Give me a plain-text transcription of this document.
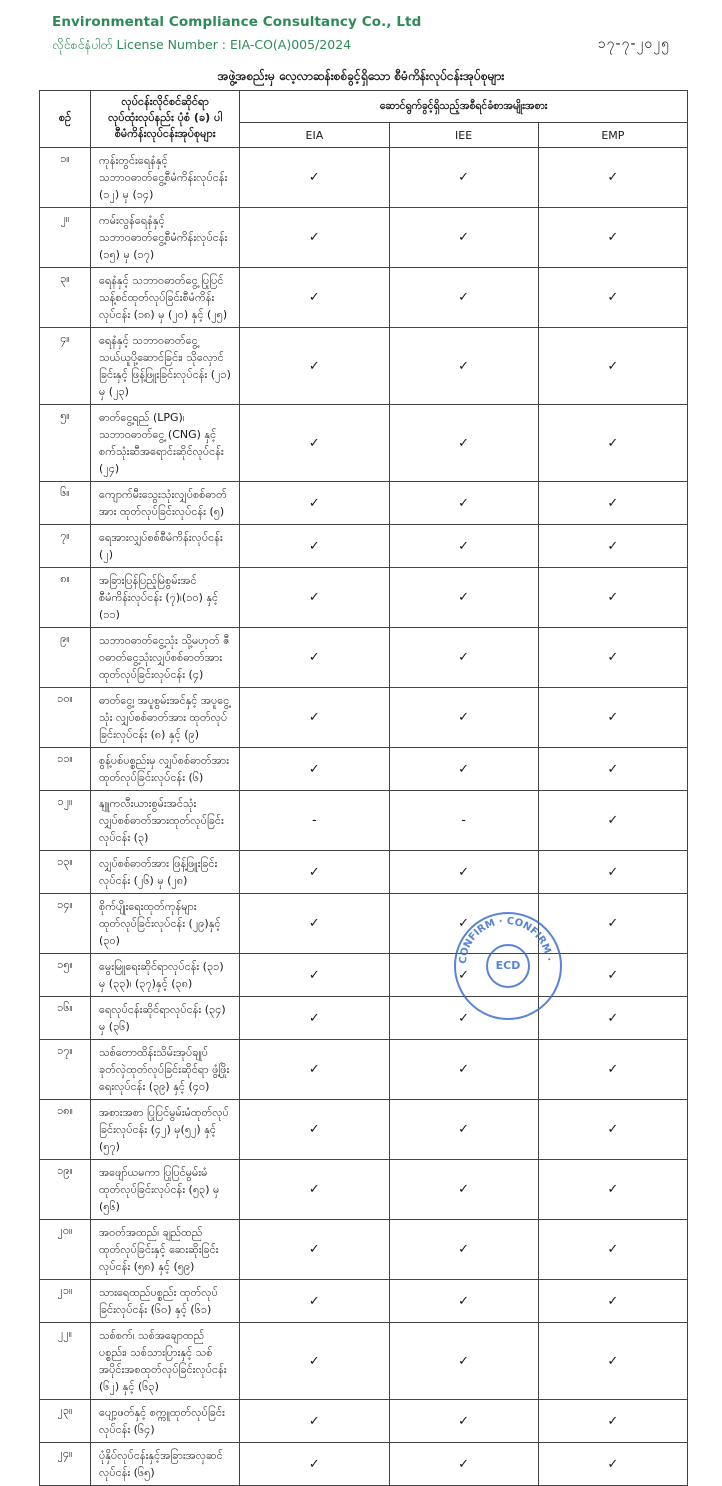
Environmental Compliance Consultancy Co., Ltd
လိုင်စင်နံပါတ် License Number : EIA-CO(A)005/2024	၁၇-၇-၂၀၂၅
အဖွဲ့အစည်းမှ လေ့လာဆန်းစစ်ခွင့်ရှိသော စီမံကိန်းလုပ်ငန်းအုပ်စုများ
စဉ်	လုပ်ငန်းလိုင်စင်ဆိုင်ရာလုပ်ထုံးလုပ်နည်း ပုံစံ (ခ) ပါ စီမံကိန်းလုပ်ငန်းအုပ်စုများ	ဆောင်ရွက်ခွင့်ရှိသည့်အစီရင်ခံစာအမျိုးအစား		
		EIA	IEE	EMP
၁။	ကုန်းတွင်းရေနံနှင့် သဘာဝဓာတ်ငွေ့စီမံကိန်းလုပ်ငန်း (၁၂) မှ (၁၄)	✓	✓	✓
၂။	ကမ်းလွန်ရေနံနှင့် သဘာဝဓာတ်ငွေ့စီမံကိန်းလုပ်ငန်း (၁၅) မှ (၁၇)	✓	✓	✓
၃။	ရေနံနှင့် သဘာဝဓာတ်ငွေ့ ပြုပြင်သန့်စင်ထုတ်လုပ်ခြင်းစီမံကိန်းလုပ်ငန်း (၁၈) မှ (၂၀) နှင့် (၂၅)	✓	✓	✓
၄။	ရေနံနှင့် သဘာဝဓာတ်ငွေ့ သယ်ယူပို့ဆောင်ခြင်း၊ သိုလှောင်ခြင်းနှင့် ဖြန့်ဖြူးခြင်းလုပ်ငန်း (၂၁) မှ (၂၃)	✓	✓	✓
၅။	ဓာတ်ငွေ့ရည် (LPG)၊ သဘာဝဓာတ်ငွေ့ (CNG) နှင့် စက်သုံးဆီအရောင်းဆိုင်လုပ်ငန်း (၂၄)	✓	✓	✓
၆။	ကျောက်မီးသွေးသုံးလျှပ်စစ်ဓာတ်အား ထုတ်လုပ်ခြင်းလုပ်ငန်း (၅)	✓	✓	✓
၇။	ရေအားလျှပ်စစ်စီမံကိန်းလုပ်ငန်း (၂)	✓	✓	✓
၈။	အခြားပြန်ပြည့်မြဲစွမ်းအင် စီမံကိန်းလုပ်ငန်း (၇)၊(၁၀) နှင့် (၁၁)	✓	✓	✓
၉။	သဘာဝဓာတ်ငွေ့သုံး သို့မဟုတ် ဇီဝဓာတ်ငွေ့သုံးလျှပ်စစ်ဓာတ်အား ထုတ်လုပ်ခြင်းလုပ်ငန်း (၄)	✓	✓	✓
၁၀။	ဓာတ်ငွေ့၊ အပူစွမ်းအင်နှင့် အပူငွေ့သုံး လျှပ်စစ်ဓာတ်အား ထုတ်လုပ်ခြင်းလုပ်ငန်း (၈) နှင့် (၉)	✓	✓	✓
၁၁။	စွန့်ပစ်ပစ္စည်းမှ လျှပ်စစ်ဓာတ်အား ထုတ်လုပ်ခြင်းလုပ်ငန်း (၆)	✓	✓	✓
၁၂။	နျူကလီးယားစွမ်းအင်သုံးလျှပ်စစ်ဓာတ်အားထုတ်လုပ်ခြင်းလုပ်ငန်း (၃)	-	-	✓
၁၃။	လျှပ်စစ်ဓာတ်အား ဖြန့်ဖြူးခြင်းလုပ်ငန်း (၂၆) မှ (၂၈)	✓	✓	✓
၁၄။	စိုက်ပျိုးရေးထုတ်ကုန်များ ထုတ်လုပ်ခြင်းလုပ်ငန်း (၂၉)နှင့် (၃၀)	✓	✓	✓
၁၅။	မွေးမြူရေးဆိုင်ရာလုပ်ငန်း (၃၁) မှ (၃၃)၊ (၃၇)နှင့် (၃၈)	✓	✓	✓
၁၆။	ရေလုပ်ငန်းဆိုင်ရာလုပ်ငန်း (၃၄) မှ (၃၆)	✓	✓	✓
၁၇။	သစ်တောထိန်းသိမ်းအုပ်ချုပ်ခုတ်လှဲထုတ်လုပ်ခြင်းဆိုင်ရာ ဖွံ့ဖြိုးရေးလုပ်ငန်း (၃၉) နှင့် (၄၀)	✓	✓	✓
၁၈။	အစားအစာ ပြုပြင်မွမ်းမံထုတ်လုပ်ခြင်းလုပ်ငန်း (၄၂) မှ(၅၂) နှင့် (၅၇)	✓	✓	✓
၁၉။	အဖျော်ယမကာ ပြုပြင်မွမ်းမံထုတ်လုပ်ခြင်းလုပ်ငန်း (၅၃) မှ (၅၆)	✓	✓	✓
၂၀။	အဝတ်အထည်၊ ချည်ထည် ထုတ်လုပ်ခြင်းနှင့် ဆေးဆိုးခြင်းလုပ်ငန်း (၅၈) နှင့် (၅၉)	✓	✓	✓
၂၁။	သားရေထည်ပစ္စည်း ထုတ်လုပ်ခြင်းလုပ်ငန်း (၆၀) နှင့် (၆၁)	✓	✓	✓
၂၂။	သစ်စက်၊ သစ်အချောထည်ပစ္စည်း၊ သစ်သားပြားနှင့် သစ်အပိုင်းအစထုတ်လုပ်ခြင်းလုပ်ငန်း (၆၂) နှင့် (၆၃)	✓	✓	✓
၂၃။	ပျော့ဖတ်နှင့် စက္ကူထုတ်လုပ်ခြင်းလုပ်ငန်း (၆၄)	✓	✓	✓
၂၄။	ပုံနှိပ်လုပ်ငန်းနှင့်အခြားအလှဆင်လုပ်ငန်း (၆၅)	✓	✓	✓
CONFIRM · CONFIRM ·
ECD
